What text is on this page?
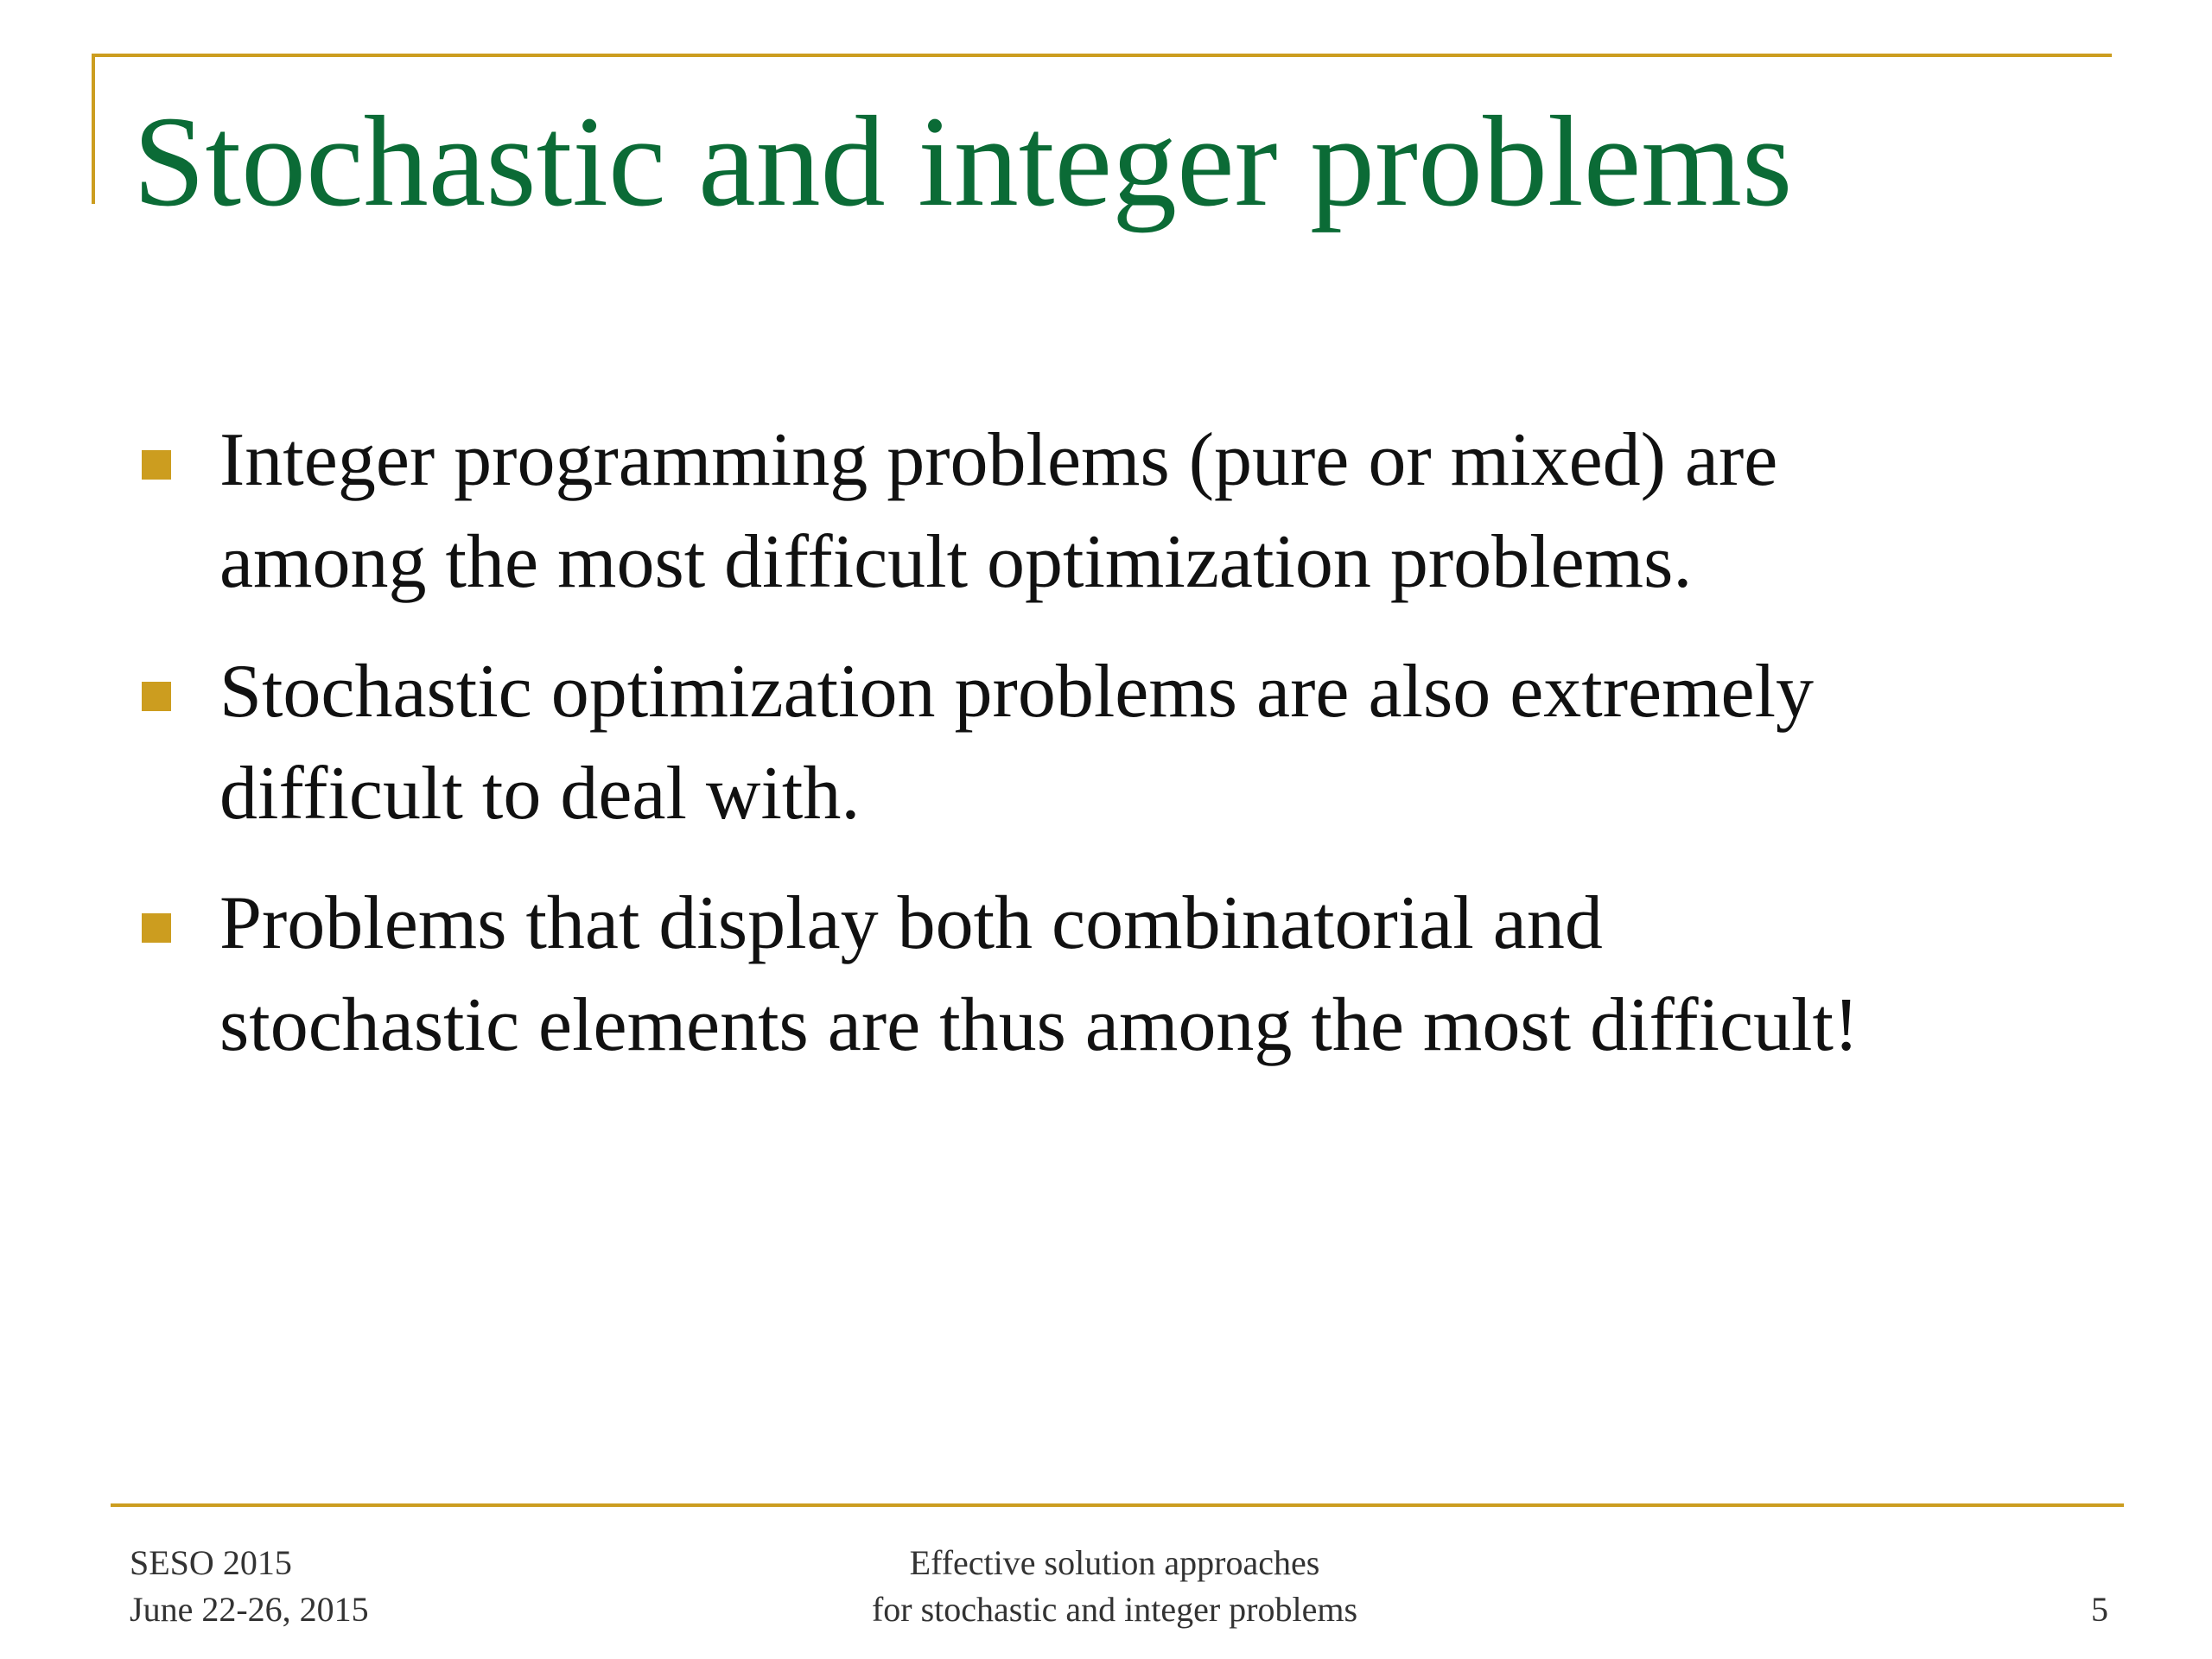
Stochastic and integer problems
Integer programming problems (pure or mixed) are
among the most difficult optimization problems.
Stochastic optimization problems are also extremely
difficult to deal with.
Problems that display both combinatorial and
stochastic elements are thus among the most difficult!
SESO 2015
June 22-26, 2015
Effective solution approaches
for stochastic and integer problems	5
